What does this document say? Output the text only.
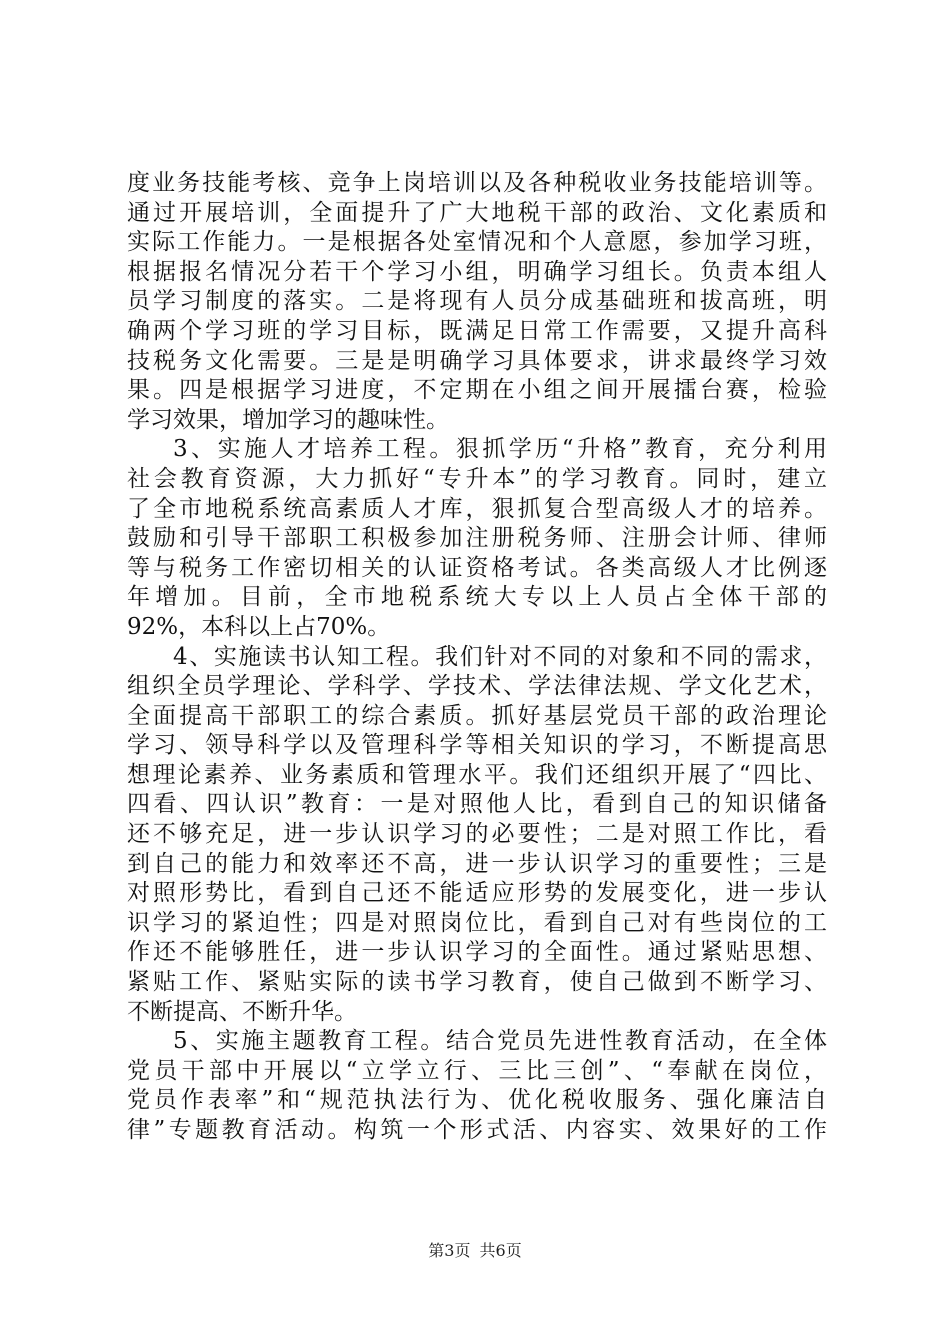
度业务技能考核、竞争上岗培训以及各种税收业务技能培训等。
通过开展培训，全面提升了广大地税干部的政治、文化素质和
实际工作能力。一是根据各处室情况和个人意愿，参加学习班，
根据报名情况分若干个学习小组，明确学习组长。负责本组人
员学习制度的落实。二是将现有人员分成基础班和拔高班，明
确两个学习班的学习目标，既满足日常工作需要，又提升高科
技税务文化需要。三是是明确学习具体要求，讲求最终学习效
果。四是根据学习进度，不定期在小组之间开展擂台赛，检验
学习效果，增加学习的趣味性。
3、实施人才培养工程。狠抓学历“升格”教育，充分利用
社会教育资源，大力抓好“专升本”的学习教育。同时，建立
了全市地税系统高素质人才库，狠抓复合型高级人才的培养。
鼓励和引导干部职工积极参加注册税务师、注册会计师、律师
等与税务工作密切相关的认证资格考试。各类高级人才比例逐
年增加。目前，全市地税系统大专以上人员占全体干部的
92%，本科以上占70%。
4、实施读书认知工程。我们针对不同的对象和不同的需求，
组织全员学理论、学科学、学技术、学法律法规、学文化艺术，
全面提高干部职工的综合素质。抓好基层党员干部的政治理论
学习、领导科学以及管理科学等相关知识的学习，不断提高思
想理论素养、业务素质和管理水平。我们还组织开展了“四比、
四看、四认识”教育：一是对照他人比，看到自己的知识储备
还不够充足，进一步认识学习的必要性；二是对照工作比，看
到自己的能力和效率还不高，进一步认识学习的重要性；三是
对照形势比，看到自己还不能适应形势的发展变化，进一步认
识学习的紧迫性；四是对照岗位比，看到自己对有些岗位的工
作还不能够胜任，进一步认识学习的全面性。通过紧贴思想、
紧贴工作、紧贴实际的读书学习教育，使自己做到不断学习、
不断提高、不断升华。
5、实施主题教育工程。结合党员先进性教育活动，在全体
党员干部中开展以“立学立行、三比三创”、“奉献在岗位，
党员作表率”和“规范执法行为、优化税收服务、强化廉洁自
律”专题教育活动。构筑一个形式活、内容实、效果好的工作
第3页 共6页
